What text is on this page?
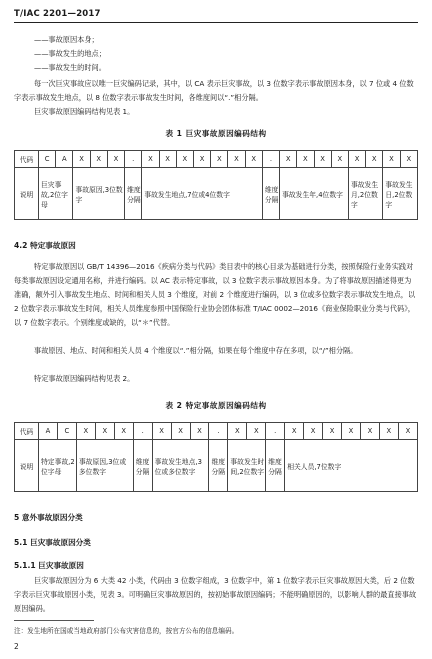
T/IAC 2201—2017
——事故原因本身；
——事故发生的地点；
——事故发生的时间。
每一次巨灾事故应以唯一巨灾编码记录，其中，以 CA 表示巨灾事故，以 3 位数字表示事故原因本身，以 7 位或 4 位数字表示事故发生地点，以 8 位数字表示事故发生时间，各维度间以“.”相分隔。
巨灾事故原因编码结构见表 1。
表 1 巨灾事故原因编码结构
代码	C	A	X	X	X	.	X	X	X	X	X	X	X	.	X	X	X	X	X	X	X	X
说明	巨灾事故,2位字母		事故原因,3位数字			维度分隔	事故发生地点,7位或4位数字							维度分隔	事故发生年,4位数字				事故发生月,2位数字		事故发生日,2位数字	
4.2 特定事故原因
特定事故原因以 GB/T 14396—2016《疾病分类与代码》类目表中的核心目录为基础进行分类，按照保险行业务实践对每类事故原因设定通用名称，并进行编码。以 AC 表示特定事故，以 3 位数字表示事故原因本身。为了将事故原因描述得更为准确，额外引入事故发生地点、时间和相关人员 3 个维度，对前 2 个维度进行编码，以 3 位或多位数字表示事故发生地点，以 2 位数字表示事故发生时间，相关人员维度参照中国保险行业协会团体标准 T/IAC 0002—2016《商业保险职业分类与代码》，以 7 位数字表示。个别维度或缺的，以“＊”代替。
事故原因、地点、时间和相关人员 4 个维度以“.”相分隔，如果在每个维度中存在多项，以“/”相分隔。
特定事故原因编码结构见表 2。
表 2 特定事故原因编码结构
代码	A	C	X	X	X	.	X	X	X	.	X	X	.	X	X	X	X	X	X	X
说明	特定事故,2位字母		事故原因,3位或多位数字			维度分隔	事故发生地点,3位或多位数字			维度分隔	事故发生时间,2位数字		维度分隔	相关人员,7位数字						
5 意外事故原因分类
5.1 巨灾事故原因分类
5.1.1 巨灾事故原因
巨灾事故原因分为 6 大类 42 小类，代码由 3 位数字组成，3 位数字中，第 1 位数字表示巨灾事故原因大类，后 2 位数字表示巨灾事故原因小类，见表 3。可明确巨灾事故原因的，按初始事故原因编码；不能明确原因的，以影响人群的最直接事故原因编码。
注：发生地所在国或当地政府部门公布灾害信息的，按官方公布的信息编码。
2
